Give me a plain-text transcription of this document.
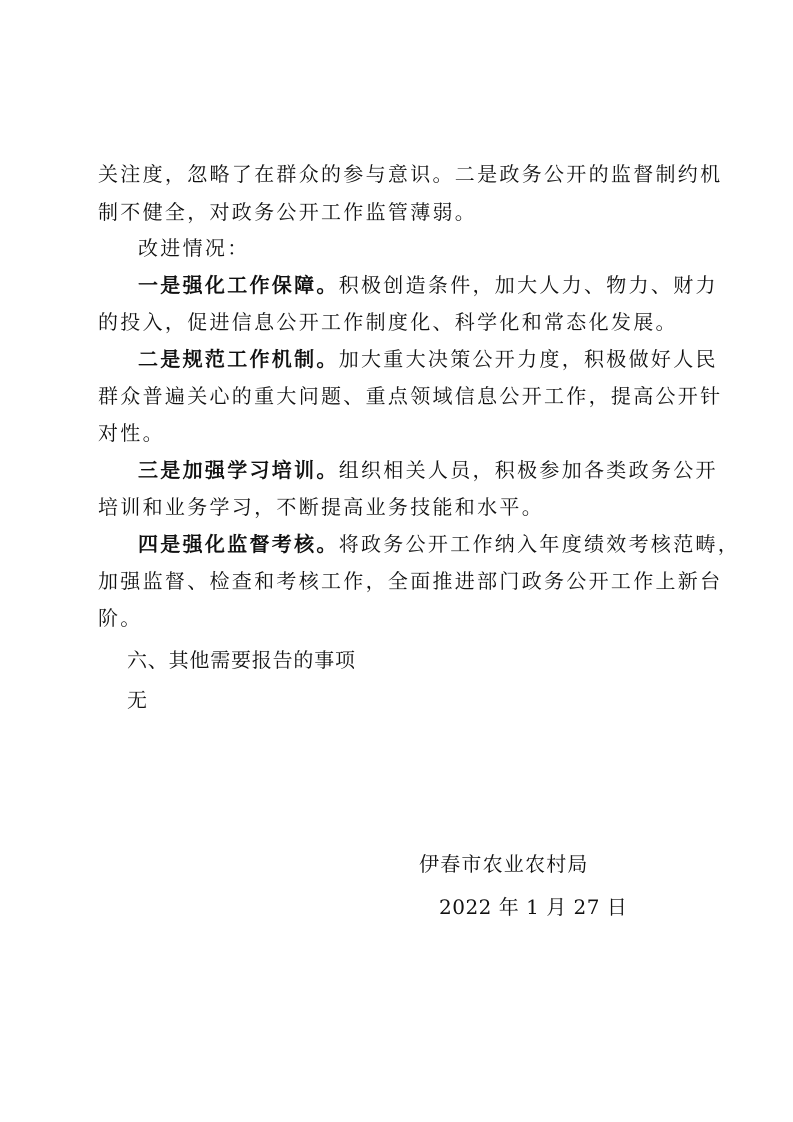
关注度，忽略了在群众的参与意识。二是政务公开的监督制约机
制不健全，对政务公开工作监管薄弱。
改进情况：
一是强化工作保障。积极创造条件，加大人力、物力、财力
的投入，促进信息公开工作制度化、科学化和常态化发展。
二是规范工作机制。加大重大决策公开力度，积极做好人民
群众普遍关心的重大问题、重点领域信息公开工作，提高公开针
对性。
三是加强学习培训。组织相关人员，积极参加各类政务公开
培训和业务学习，不断提高业务技能和水平。
四是强化监督考核。将政务公开工作纳入年度绩效考核范畴，
加强监督、检查和考核工作，全面推进部门政务公开工作上新台
阶。
六、其他需要报告的事项
无
伊春市农业农村局
2022 年 1 月 27 日
